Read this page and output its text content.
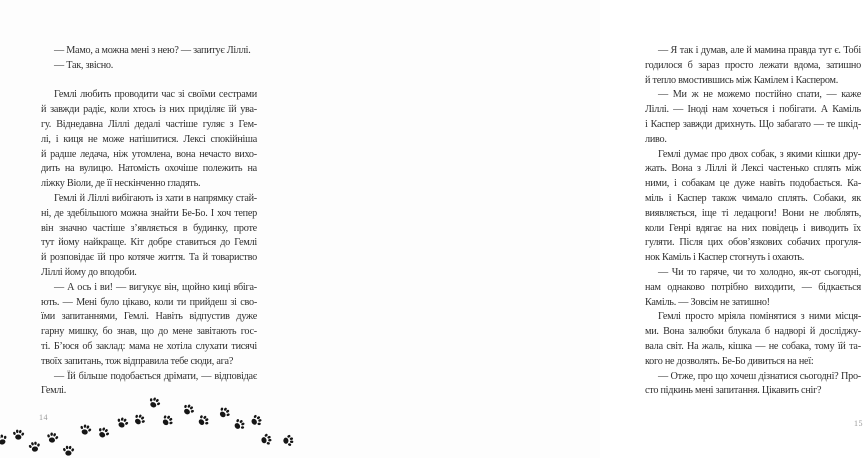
— Мамо, а можна мені з нею? — запитує Ліллі.
— Так, звісно.
Гемлі любить проводити час зі своїми сестрами
й завжди радіє, коли хтось із них приділяє їй ува-
гу. Віднедавна Ліллі дедалі частіше гуляє з Гем-
лі, і киця не може натішитися. Лексі спокійніша
й радше ледача, ніж утомлена, вона нечасто вихо-
дить на вулицю. Натомість охочіше полежить на
ліжку Віоли, де її нескінченно гладять.
Гемлі й Ліллі вибігають із хати в напрямку стай-
ні, де здебільшого можна знайти Бе-Бо. І хоч тепер
він значно частіше з’являється в будинку, проте
тут йому найкраще. Кіт добре ставиться до Гемлі
й розповідає їй про котяче життя. Та й товариство
Ліллі йому до вподоби.
— А ось і ви! — вигукує він, щойно киці вбіга-
ють. — Мені було цікаво, коли ти прийдеш зі сво-
їми запитаннями, Гемлі. Навіть відпустив дуже
гарну мишку, бо знав, що до мене завітають гос-
ті. Б’юся об заклад: мама не хотіла слухати тисячі
твоїх запитань, тож відправила тебе сюди, ага?
— Їй більше подобається дрімати, — відповідає
Гемлі.
14
— Я так і думав, але й мамина правда тут є. Тобі
годилося б зараз просто лежати вдома, затишно
й тепло вмостившись між Камілем і Каспером.
— Ми ж не можемо постійно спати, — каже
Ліллі. — Іноді нам хочеться і побігати. А Каміль
і Каспер завжди дрихнуть. Що забагато — те шкід-
ливо.
Гемлі думає про двох собак, з якими кішки дру-
жать. Вона з Ліллі й Лексі частенько сплять між
ними, і собакам це дуже навіть подобається. Ка-
міль і Каспер також чимало сплять. Собаки, як
виявляється, іще ті ледацюги! Вони не люблять,
коли Генрі вдягає на них повідець і виводить їх
гуляти. Після цих обов’язкових собачих прогуля-
нок Каміль і Каспер стогнуть і охають.
— Чи то гаряче, чи то холодно, як-от сьогодні,
нам однаково потрібно виходити, — бідкається
Каміль. — Зовсім не затишно!
Гемлі просто мріяла помінятися з ними місця-
ми. Вона залюбки блукала б надворі й досліджу-
вала світ. На жаль, кішка — не собака, тому їй та-
кого не дозволять. Бе-Бо дивиться на неї:
— Отже, про що хочеш дізнатися сьогодні? Про-
сто підкинь мені запитання. Цікавить сніг?
15
